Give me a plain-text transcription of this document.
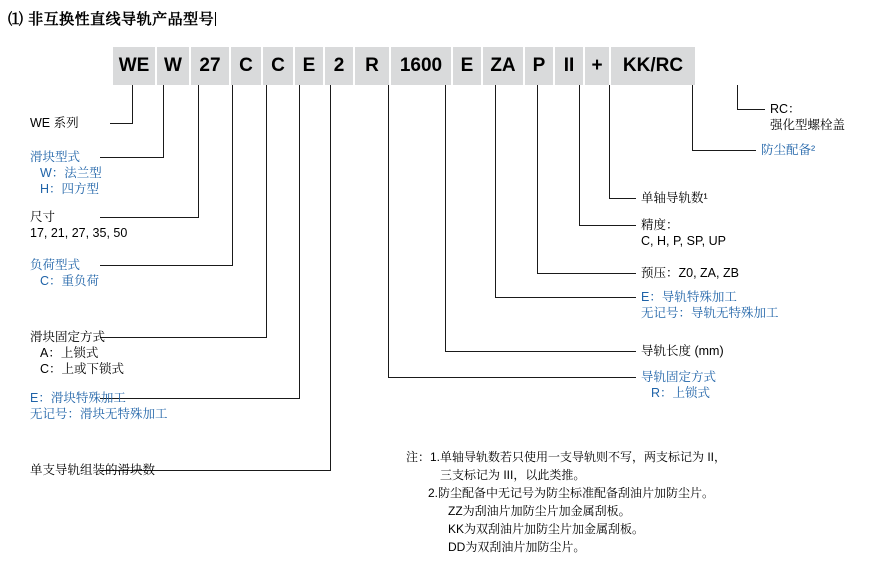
⑴ 非互换性直线导轨产品型号
WE W 27 C C E 2	R	1600 E ZA P II +	KK/RC
WE 系列
滑块型式
W：法兰型
H：四方型
尺寸
17, 21, 27, 35, 50
负荷型式
C：重负荷
滑块固定方式
A：上锁式
C：上或下锁式
E：滑块特殊加工
无记号：滑块无特殊加工
单支导轨组装的滑块数
RC：
强化型螺栓盖
防尘配备²
单轴导轨数¹
精度：
C, H, P, SP, UP
预压：Z0, ZA, ZB
E：导轨特殊加工
无记号：导轨无特殊加工
导轨长度 (mm)
导轨固定方式
R：上锁式
注：1.单轴导轨数若只使用一支导轨则不写，两支标记为 II，
三支标记为 III，以此类推。
2.防尘配备中无记号为防尘标准配备刮油片加防尘片。
ZZ为刮油片加防尘片加金属刮板。
KK为双刮油片加防尘片加金属刮板。
DD为双刮油片加防尘片。
